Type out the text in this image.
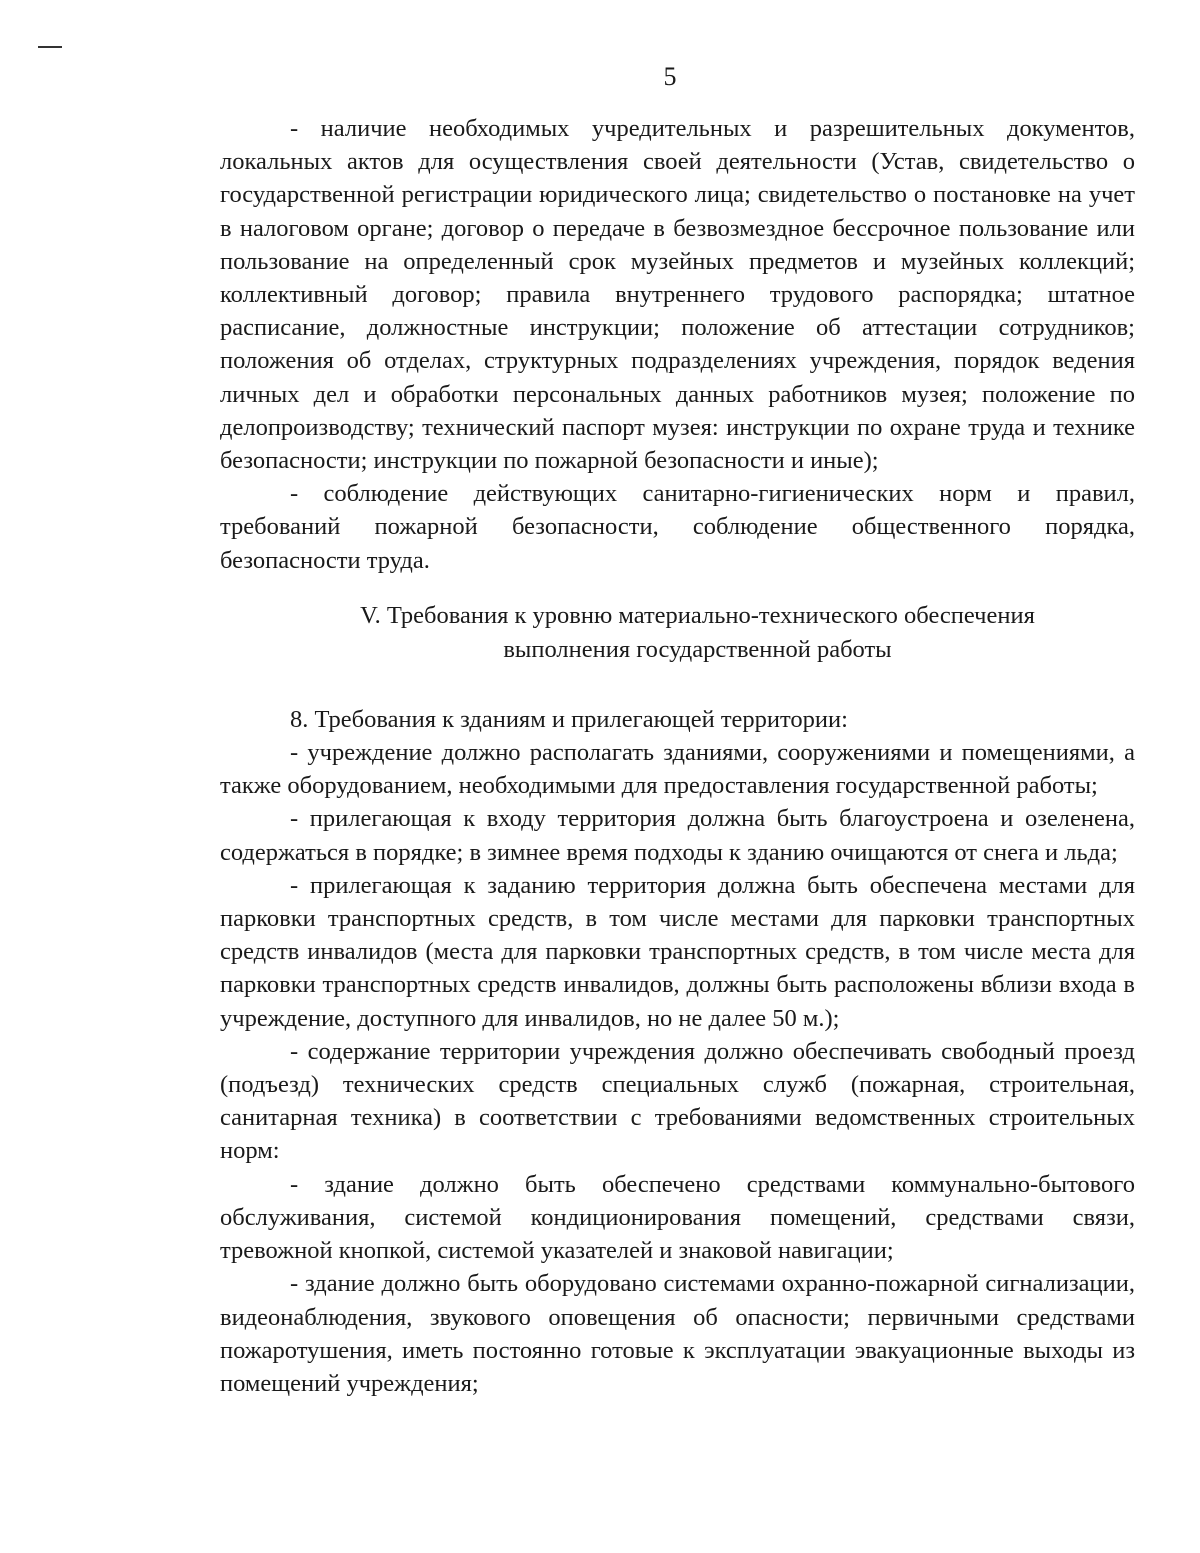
5

- наличие необходимых учредительных и разрешительных документов, локальных актов для осуществления своей деятельности (Устав, свидетельство о государственной регистрации юридического лица; свидетельство о постановке на учет в налоговом органе; договор о передаче в безвозмездное бессрочное пользование или пользование на определенный срок музейных предметов и музейных коллекций; коллективный договор; правила внутреннего трудового распорядка; штатное расписание, должностные инструкции; положение об аттестации сотрудников; положения об отделах, структурных подразделениях учреждения, порядок ведения личных дел и обработки персональных данных работников музея; положение по делопроизводству; технический паспорт музея: инструкции по охране труда и технике безопасности; инструкции по пожарной безопасности и иные);

- соблюдение действующих санитарно-гигиенических норм и правил, требований пожарной безопасности, соблюдение общественного порядка, безопасности труда.

V. Требования к уровню материально-технического обеспечения
выполнения государственной работы

8. Требования к зданиям и прилегающей территории:

- учреждение должно располагать зданиями, сооружениями и помещениями, а также оборудованием, необходимыми для предоставления государственной работы;

- прилегающая к входу территория должна быть благоустроена и озеленена, содержаться в порядке; в зимнее время подходы к зданию очищаются от снега и льда;

- прилегающая к заданию территория должна быть обеспечена местами для парковки транспортных средств, в том числе местами для парковки транспортных средств инвалидов (места для парковки транспортных средств, в том числе места для парковки транспортных средств инвалидов, должны быть расположены вблизи входа в учреждение, доступного для инвалидов, но не далее 50 м.);

- содержание территории учреждения должно обеспечивать свободный проезд (подъезд) технических средств специальных служб (пожарная, строительная, санитарная техника) в соответствии с требованиями ведомственных строительных норм:

- здание должно быть обеспечено средствами коммунально-бытового обслуживания, системой кондиционирования помещений, средствами связи, тревожной кнопкой, системой указателей и знаковой навигации;

- здание должно быть оборудовано системами охранно-пожарной сигнализации, видеонаблюдения, звукового оповещения об опасности; первичными средствами пожаротушения, иметь постоянно готовые к эксплуатации эвакуационные выходы из помещений учреждения;
